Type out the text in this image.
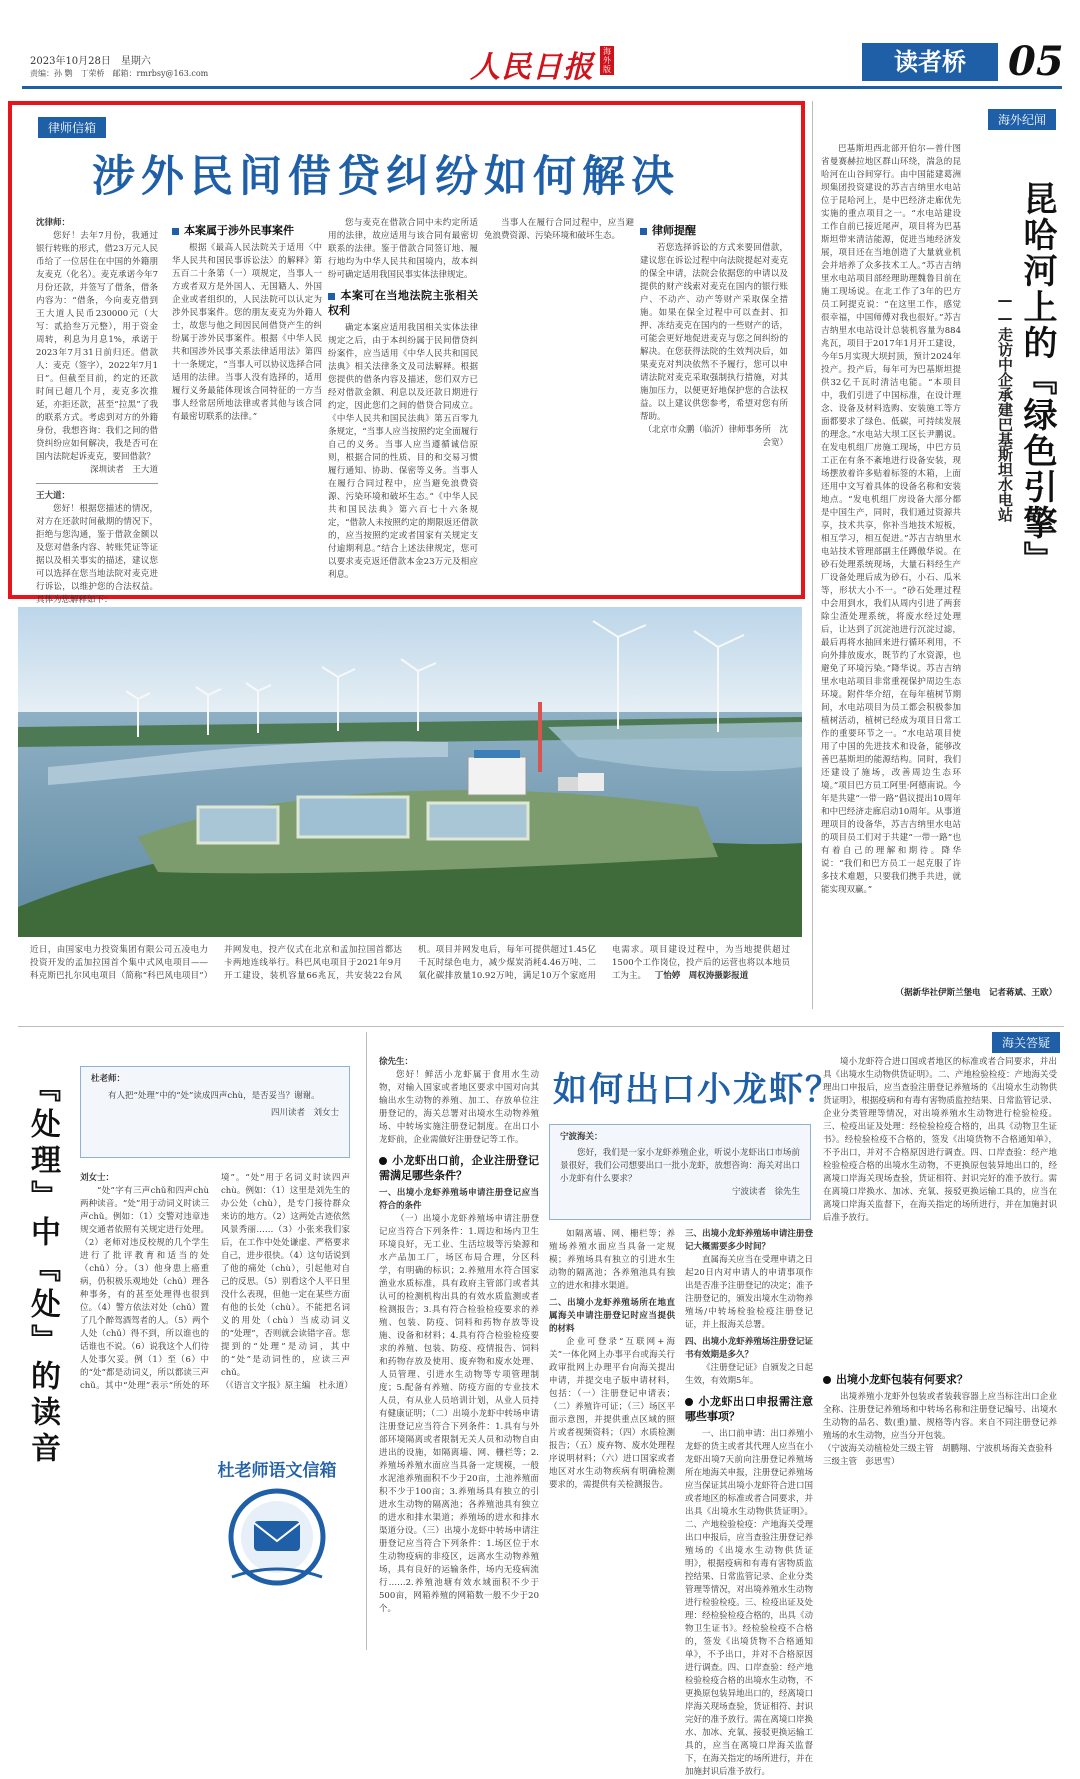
2023年10月28日　星期六
责编：孙 鹦　丁荣桥　邮箱：rmrbsy@163.com	人民日报	海外版	读者桥	05
律师信箱
涉外民间借贷纠纷如何解决
沈律师：
您好！去年7月份，我通过银行转账的形式，借23万元人民币给了一位居住在中国的外籍朋友麦克（化名）。麦克承诺今年7月份还款，并签写了借条，借条内容为：“借条，今向麦克借到王大道人民币230000元（大写：贰拾叁万元整），用于资金周转，利息为月息1%，承诺于2023年7月31日前归还。借款人：麦克（签字），2022年7月1日”。但截至目前，约定的还款时间已超几个月，麦克多次推延，亦拒还款，甚至“拉黑”了我的联系方式。考虑到对方的外籍身份，我想咨询：我们之间的借贷纠纷应如何解决，我是否可在国内法院起诉麦克，要回借款？
深圳读者　王大道
王大道：
您好！根据您描述的情况，对方在还款时间截期的情况下，拒绝与您沟通，鉴于借款金额以及您对借条内容、转账凭证等证据以及相关事实的描述，建议您可以选择在您当地法院对麦克进行诉讼，以维护您的合法权益。具体为您解释如下：
本案属于涉外民事案件
根据《最高人民法院关于适用〈中华人民共和国民事诉讼法〉的解释》第五百二十条第（一）项规定，当事人一方或者双方是外国人、无国籍人、外国企业或者组织的，人民法院可以认定为涉外民事案件。您的朋友麦克为外籍人士，故您与他之间因民间借贷产生的纠纷属于涉外民事案件。根据《中华人民共和国涉外民事关系法律适用法》第四十一条规定，“当事人可以协议选择合同适用的法律。当事人没有选择的，适用履行义务最能体现该合同特征的一方当事人经常居所地法律或者其他与该合同有最密切联系的法律。”
您与麦克在借款合同中未约定所适用的法律，故应适用与该合同有最密切联系的法律。鉴于借款合同签订地、履行地均为中华人民共和国境内，故本纠纷可确定适用我国民事实体法律规定。
本案可在当地法院主张相关权利
确定本案应适用我国相关实体法律规定之后，由于本纠纷属于民间借贷纠纷案件，应当适用《中华人民共和国民法典》相关法律条文及司法解释。根据您提供的借条内容及描述，您们双方已经对借款金额、利息以及还款日期进行约定，因此您们之间的借贷合同成立。《中华人民共和国民法典》第五百零九条规定，“当事人应当按照约定全面履行自己的义务。当事人应当遵循诚信原则，根据合同的性质、目的和交易习惯履行通知、协助、保密等义务。当事人在履行合同过程中，应当避免浪费资源、污染环境和破坏生态。”《中华人民共和国民法典》第六百七十六条规定，“借款人未按照约定的期限返还借款的，应当按照约定或者国家有关规定支付逾期利息。”结合上述法律规定，您可以要求麦克返还借款本金23万元及相应利息。
当事人在履行合同过程中，应当避免浪费资源、污染环境和破坏生态。	律师提醒
若您选择诉讼的方式来要回借款，建议您在诉讼过程中向法院提起对麦克的保全申请，法院会依据您的申请以及提供的财产线索对麦克在国内的银行账户、不动产、动产等财产采取保全措施。如果在保全过程中可以查封、扣押、冻结麦克在国内的一些财产的话，可能会更好地促进麦克与您之间纠纷的解决。在您获得法院的生效判决后，如果麦克对判决依然不予履行，您可以申请法院对麦克采取强制执行措施，对其施加压力，以便更好地保护您的合法权益。以上建议供您参考，希望对您有所帮助。
（北京市众鹏（临沂）律师事务所　沈会宽）
近日，由国家电力投资集团有限公司五凌电力投资开发的孟加拉国首个集中式风电项目——科克斯巴扎尔风电项目（简称“科巴风电项目”）并网发电，投产仪式在北京和孟加拉国首都达卡两地连线举行。科巴风电项目于2021年9月开工建设，装机容量66兆瓦，共安装22台风机。项目并网发电后，每年可提供超过1.45亿千瓦时绿色电力，减少煤炭消耗4.46万吨、二氧化碳排放量10.92万吨，满足10万个家庭用电需求。项目建设过程中，为当地提供超过1500个工作岗位，投产后的运营也将以本地员工为主。 丁怡婷　周权涛摄影报道
海外纪闻
昆哈河上的『绿色引擎』
——走访中企承建巴基斯坦水电站
巴基斯坦西北部开伯尔—普什图省曼赛赫拉地区群山环绕，湍急的昆哈河在山谷间穿行。由中国能建葛洲坝集团投资建设的苏吉吉纳里水电站位于昆哈河上，是中巴经济走廊优先实施的重点项目之一。“水电站建设工作自前已接近尾声，项目将为巴基斯坦带来清洁能源，促进当地经济发展，项目还在当地创造了大量就业机会并培养了众多技术工人。”苏吉吉纳里水电站项目部经理助理魏鲁目前在施工现场说。在北工作了3年的巴方员工阿提克说：“在这里工作，感觉很幸福，中国师傅对我也很好。”苏吉吉纳里水电站设计总装机容量为884兆瓦，项目于2017年1月开工建设，今年5月实现大坝封顶，预计2024年投产。投产后，每年可为巴基斯坦提供32亿千瓦时清洁电能。“本项目中，我们引进了中国标准，在设计理念、设备及材料选购、安装施工等方面都要求了绿色、低碳，可持续发展的理念。”水电站大坝工区长尹鹏说。在发电机组厂房施工现场，中巴方员工正在有条不紊地进行设备安装，现场摆放着许多贴着标签的木箱，上面还用中文写着具体的设备名称和安装地点。“发电机组厂房设备大部分都是中国生产，同时，我们通过资源共享，技术共享，你补当地技术短板，相互学习，相互促进。”苏吉吉纳里水电站技术管理部副主任蹲傲华说。在砂石处理系统现场，大量石料经生产厂设备处理后成为砂石，小石、瓜米等，形状大小不一。“砂石处理过程中会用到水，我们从周内引进了两套除尘渣处理系统，将废水经过处理后，让达到了沉淀池进行沉淀过滤，最后再将水抽回来进行循环利用，不向外排放废水，既节约了水资源，也避免了环境污染。”降华说。苏吉吉纳里水电站项目非常重视保护周边生态环境。附件华介绍，在每年植树节期间，水电站项目为员工都会积极参加植树活动，植树已经成为项目日常工作的重要环节之一。“水电站项目使用了中国的先进技术和设备，能够改善巴基斯坦的能源结构。同时，我们还建设了施场，改善周边生态环境。”项目巴方员工阿里·阿德南说。今年是共建“一带一路”倡议提出10周年和中巴经济走廊启动10周年。从事道理项目的设备华，苏吉吉纳里水电站的项目员工们对于共建“一带一路”也有着自己的理解和期待。降华说：“我们和巴方员工一起克服了许多技术难题，只要我们携手共进，就能实现双赢。”
（据新华社伊斯兰堡电　记者蒋斌、王欧）
『处理』中『处』的读音	杜老师：
有人把“处理”中的“处”读成四声chù，是否妥当？谢谢。
四川读者　刘女士
刘女士：
“处”字有三声chǔ和四声chù两种读音。“处”用于动词义时读三声chǔ。例如：（1）交警对违章违规交通者依照有关规定进行处理。（2）老师对违反校规的几个学生进行了批评教育和适当的处（chǔ）分。（3）他身患上癌重病，仍积极乐观地处（chǔ）理各种事务，有的甚至处理得也很到位。（4）警方依法对处（chǔ）置了几个醉驾酒驾者的人。（5）两个人处（chǔ）得不到，所以谁也的话谁也不说。（6）说我这个人们待人处事欠妥。例（1）至（6）中的“处”都是动词义，所以都读三声chǔ。其中“处理”表示“所处的环境”。“处”用于名词义时读四声chù。例如：（1）这里是刘先生的办公处（chù），是专门接待群众来访的地方。（2）这两处古迹依然风景秀丽……（3）小张来我们家后，在工作中处处谦虚、严格要求自己，进步很快。（4）这句话说到了他的痛处（chù），引起他对自己的反思。（5）别看这个人平日里没什么表现，但他一定在某些方面有他的长处（chù）。不能把名词义的用处（chù）当成动词义的“处理”，否则就会读错字音。您提到的“处理”是动词，其中的“处”是动词性的，应读三声chǔ。
（《语言文字报》原主编　杜永道）
杜老师语文信箱
海关答疑
如何出口小龙虾？
宁波海关：
您好，我们是一家小龙虾养殖企业，听说小龙虾出口市场前景很好，我们公司想要出口一批小龙虾，放想咨询：海关对出口小龙虾有什么要求？
宁波读者　徐先生
徐先生：
您好！鲜活小龙虾属于食用水生动物，对输入国家或者地区要求中国对向其输出水生动物的养殖、加工、存放单位注册登记的，海关总署对出境水生动物养殖场、中转场实施注册登记制度。在出口小龙虾前，企业需做好注册登记等工作。
小龙虾出口前，企业注册登记需满足哪些条件？
一、出境小龙虾养殖场申请注册登记应当符合的条件
（一）出境小龙虾养殖场申请注册登记应当符合下列条件：1.周边和场内卫生环境良好，无工业、生活垃圾等污染源和水产品加工厂，场区布局合理，分区科学，有明确的标识；2.养殖用水符合国家渔业水质标准，具有政府主管部门或者其认可的检测机构出具的有效水质监测或者检测报告；3.具有符合检验检疫要求的养殖、包装、防疫、饲料和药物存放等设施、设备和材料；4.具有符合检验检疫要求的养殖、包装、防疫、疫情报告、饲料和药物存放及使用、废弃物和废水处理、人员管理、引进水生动物等专项管理制度；5.配备有养殖、防疫方面的专业技术人员，有从业人员培训计划，从业人员持有健康证明；（二）出境小龙虾中转场申请注册登记应当符合下列条件：1.具有与外部环境隔离或者限制无关人员和动物自由进出的设施，如隔离墙、网、栅栏等；2.养殖场养殖水面应当具备一定规模，一般水泥池养殖面积不少于20亩，土池养殖面积不少于100亩；3.养殖场具有独立的引进水生动物的隔离池；各养殖池具有独立的进水和排水渠道；养殖场的进水和排水渠道分设。（三）出境小龙虾中转场申请注册登记应当符合下列条件：1.场区位于水生动物疫病的非疫区，远离水生动物养殖场，具有良好的运输条件，场内无疫病流行……2.养殖池塘有效水域面积不少于500亩，网箱养殖的网箱数一般不少于20个。
如隔离墙、网、栅栏等；养殖场养殖水面应当具备一定规模；养殖场具有独立的引进水生动物的隔离池；各养殖池具有独立的进水和排水渠道。
二、出境小龙虾养殖场所在地直属海关申请注册登记时应当提供的材料
企业可登录“互联网+海关”一体化网上办事平台或海关行政审批网上办理平台向海关提出申请，并提交电子版申请材料，包括：（一）注册登记申请表；（二）养殖许可证；（三）场区平面示意图，并提供重点区域的照片或者视频资料；（四）水质检测报告；（五）废弃物、废水处理程序说明材料；（六）进口国家或者地区对水生动物疾病有明确检测要求的，需提供有关检测报告。
三、出境小龙虾养殖场申请注册登记大概需要多少时间？
直属海关应当在受理申请之日起20日内对申请人的申请事项作出是否准予注册登记的决定；准予注册登记的，颁发出境水生动物养殖场/中转场检验检疫注册登记证，并上报海关总署。
四、出境小龙虾养殖场注册登记证书有效期是多久？
《注册登记证》自颁发之日起生效，有效期5年。
小龙虾出口申报需注意哪些事项？
一、出口前申请：出口养殖小龙虾的货主或者其代理人应当在小龙虾出境7天前向注册登记养殖场所在地海关申报，注册登记养殖场应当保证其出境小龙虾符合进口国或者地区的标准或者合同要求，并出具《出境水生动物供货证明》。二、产地检验检疫：产地海关受理出口申报后，应当查验注册登记养殖场的《出境水生动物供货证明》，根据疫病和有毒有害物质监控结果、日常监管记录、企业分类管理等情况，对出境养殖水生动物进行检验检疫。三、检疫出证及处理：经检验检疫合格的，出具《动物卫生证书》。经检验检疫不合格的，签发《出境货物不合格通知单》，不予出口，并对不合格原因进行调查。四、口岸查验：经产地检验检疫合格的出境水生动物，不更换原包装异地出口的，经离境口岸海关现场查验，货证相符、封识完好的准予放行。需在离境口岸换水、加冰、充氧、接驳更换运输工具的，应当在离境口岸海关监督下，在海关指定的场所进行，并在加施封识后准予放行。
境小龙虾符合进口国或者地区的标准或者合同要求，并出具《出境水生动物供货证明》。二、产地检验检疫：产地海关受理出口申报后，应当查验注册登记养殖场的《出境水生动物供货证明》，根据疫病和有毒有害物质监控结果、日常监管记录、企业分类管理等情况，对出境养殖水生动物进行检验检疫。三、检疫出证及处理：经检验检疫合格的，出具《动物卫生证书》。经检验检疫不合格的，签发《出境货物不合格通知单》，不予出口，并对不合格原因进行调查。四、口岸查验：经产地检验检疫合格的出境水生动物，不更换原包装异地出口的，经离境口岸海关现场查验，货证相符、封识完好的准予放行。需在离境口岸换水、加冰、充氧、接驳更换运输工具的，应当在离境口岸海关监督下，在海关指定的场所进行，并在加施封识后准予放行。
出境小龙虾包装有何要求？
出境养殖小龙虾外包装或者装载容器上应当标注出口企业全称、注册登记养殖场和中转场名称和注册登记编号、出境水生动物的品名、数(重)量、规格等内容。来自不同注册登记养殖场的水生动物，应当分开包装。
（宁波海关动植检处三级主管　胡鹏翔、宁波机场海关查验科三级主管　彭思雪）
